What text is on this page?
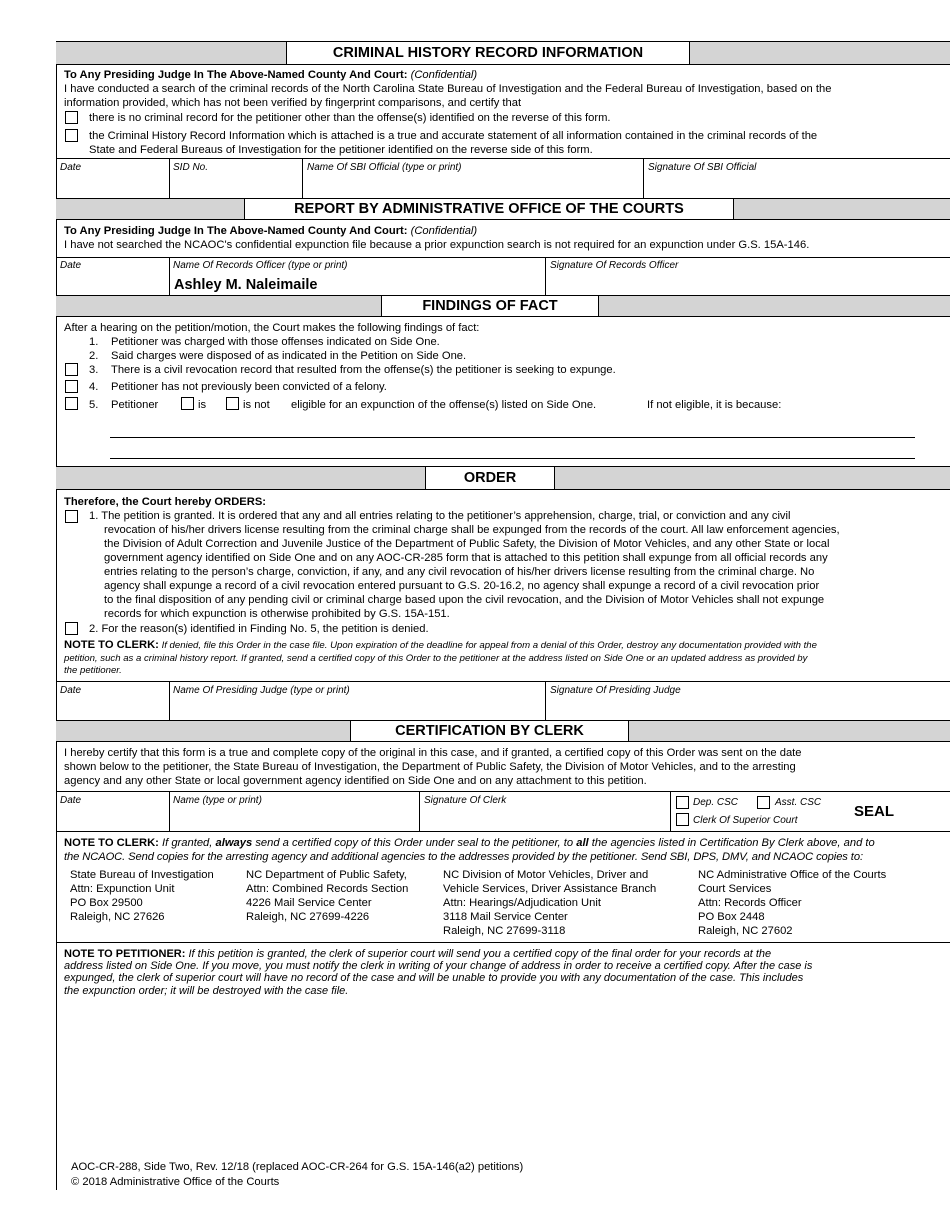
CRIMINAL HISTORY RECORD INFORMATION
To Any Presiding Judge In The Above-Named County And Court: (Confidential)
I have conducted a search of the criminal records of the North Carolina State Bureau of Investigation and the Federal Bureau of Investigation, based on the
information provided, which has not been verified by fingerprint comparisons, and certify that
there is no criminal record for the petitioner other than the offense(s) identified on the reverse of this form.
the Criminal History Record Information which is attached is a true and accurate statement of all information contained in the criminal records of the
State and Federal Bureaus of Investigation for the petitioner identified on the reverse side of this form.
Date	SID No.	Name Of SBI Official (type or print)	Signature Of SBI Official
REPORT BY ADMINISTRATIVE OFFICE OF THE COURTS
To Any Presiding Judge In The Above-Named County And Court: (Confidential)
I have not searched the NCAOC's confidential expunction file because a prior expunction search is not required for an expunction under G.S. 15A-146.
Date	Name Of Records Officer (type or print)
Ashley M. Naleimaile
Signature Of Records Officer
FINDINGS OF FACT
After a hearing on the petition/motion, the Court makes the following findings of fact:
1. Petitioner was charged with those offenses indicated on Side One.
2. Said charges were disposed of as indicated in the Petition on Side One.
3. There is a civil revocation record that resulted from the offense(s) the petitioner is seeking to expunge.
4. Petitioner has not previously been convicted of a felony.
5. Petitioner	is	is not eligible for an expunction of the offense(s) listed on Side One.	If not eligible, it is because:
ORDER
Therefore, the Court hereby ORDERS:
1. The petition is granted. It is ordered that any and all entries relating to the petitioner’s apprehension, charge, trial, or conviction and any civil
revocation of his/her drivers license resulting from the criminal charge shall be expunged from the records of the court. All law enforcement agencies,
the Division of Adult Correction and Juvenile Justice of the Department of Public Safety, the Division of Motor Vehicles, and any other State or local
government agency identified on Side One and on any AOC-CR-285 form that is attached to this petition shall expunge from all official records any
entries relating to the person’s charge, conviction, if any, and any civil revocation of his/her drivers license resulting from the criminal charge. No
agency shall expunge a record of a civil revocation entered pursuant to G.S. 20-16.2, no agency shall expunge a record of a civil revocation prior
to the final disposition of any pending civil or criminal charge based upon the civil revocation, and the Division of Motor Vehicles shall not expunge
records for which expunction is otherwise prohibited by G.S. 15A-151.
2. For the reason(s) identified in Finding No. 5, the petition is denied.
NOTE TO CLERK: If denied, file this Order in the case file. Upon expiration of the deadline for appeal from a denial of this Order, destroy any documentation provided with the
petition, such as a criminal history report. If granted, send a certified copy of this Order to the petitioner at the address listed on Side One or an updated address as provided by
the petitioner.
Date	Name Of Presiding Judge (type or print)	Signature Of Presiding Judge
CERTIFICATION BY CLERK
I hereby certify that this form is a true and complete copy of the original in this case, and if granted, a certified copy of this Order was sent on the date
shown below to the petitioner, the State Bureau of Investigation, the Department of Public Safety, the Division of Motor Vehicles, and to the arresting
agency and any other State or local government agency identified on Side One and on any attachment to this petition.
Date	Name (type or print)	Signature Of Clerk	Dep. CSC	Asst. CSC
Clerk Of Superior Court
SEAL
NOTE TO CLERK: If granted, always send a certified copy of this Order under seal to the petitioner, to all the agencies listed in Certification By Clerk above, and to
the NCAOC. Send copies for the arresting agency and additional agencies to the addresses provided by the petitioner. Send SBI, DPS, DMV, and NCAOC copies to:
State Bureau of Investigation
Attn: Expunction Unit
PO Box 29500
Raleigh, NC 27626
NC Department of Public Safety,
Attn: Combined Records Section
4226 Mail Service Center
Raleigh, NC 27699-4226
NC Division of Motor Vehicles, Driver and
Vehicle Services, Driver Assistance Branch
Attn: Hearings/Adjudication Unit
3118 Mail Service Center
Raleigh, NC 27699-3118
NC Administrative Office of the Courts
Court Services
Attn: Records Officer
PO Box 2448
Raleigh, NC 27602
NOTE TO PETITIONER: If this petition is granted, the clerk of superior court will send you a certified copy of the final order for your records at the
address listed on Side One. If you move, you must notify the clerk in writing of your change of address in order to receive a certified copy. After the case is
expunged, the clerk of superior court will have no record of the case and will be unable to provide you with any documentation of the case. This includes
the expunction order; it will be destroyed with the case file.
AOC-CR-288, Side Two, Rev. 12/18 (replaced AOC-CR-264 for G.S. 15A-146(a2) petitions)
© 2018 Administrative Office of the Courts
